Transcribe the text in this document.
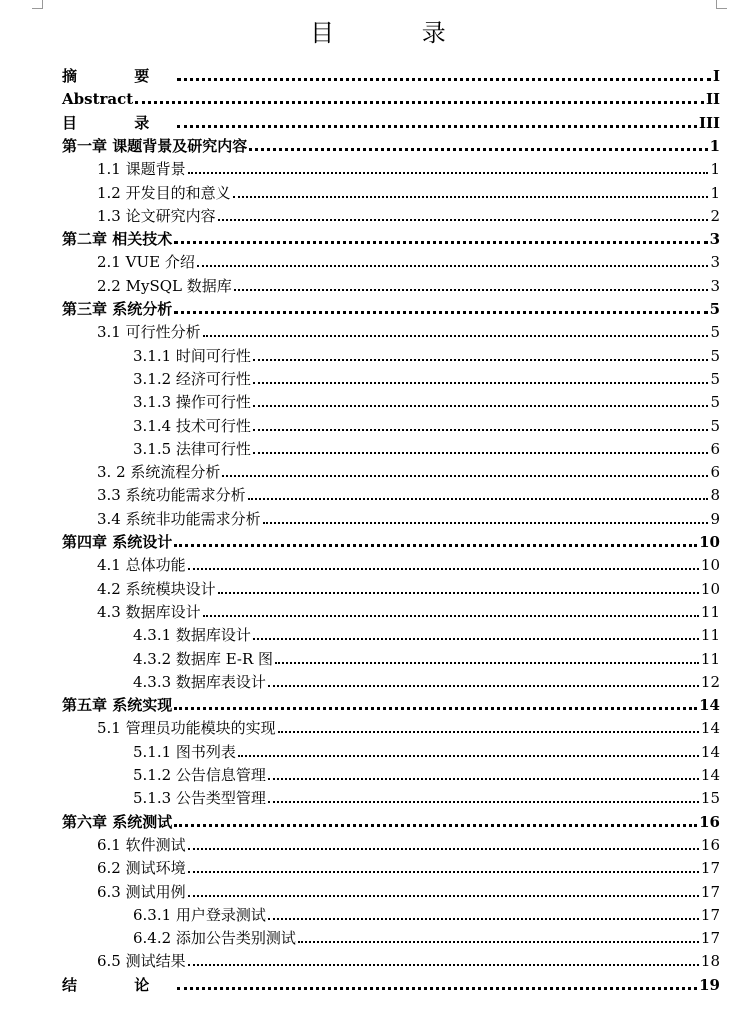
目 录
摘 要	I
Abstract	II
目 录	III
第一章 课题背景及研究内容	1
1.1 课题背景	1
1.2 开发目的和意义	1
1.3 论文研究内容	2
第二章 相关技术	3
2.1 VUE 介绍	3
2.2 MySQL 数据库	3
第三章 系统分析	5
3.1 可行性分析	5
3.1.1 时间可行性	5
3.1.2 经济可行性	5
3.1.3 操作可行性	5
3.1.4 技术可行性	5
3.1.5 法律可行性	6
3. 2 系统流程分析	6
3.3 系统功能需求分析	8
3.4 系统非功能需求分析	9
第四章 系统设计	10
4.1 总体功能	10
4.2 系统模块设计	10
4.3 数据库设计	11
4.3.1 数据库设计	11
4.3.2 数据库 E-R 图	11
4.3.3 数据库表设计	12
第五章 系统实现	14
5.1 管理员功能模块的实现	14
5.1.1 图书列表	14
5.1.2 公告信息管理	14
5.1.3 公告类型管理	15
第六章 系统测试	16
6.1 软件测试	16
6.2 测试环境	17
6.3 测试用例	17
6.3.1 用户登录测试	17
6.4.2 添加公告类别测试	17
6.5 测试结果	18
结 论	19
